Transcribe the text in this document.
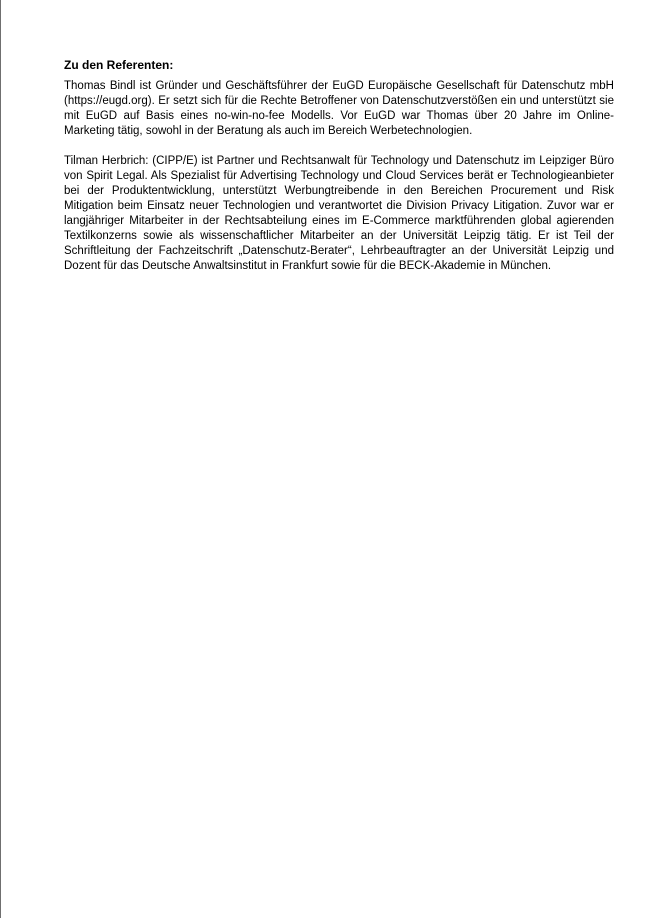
Zu den Referenten:

Thomas Bindl ist Gründer und Geschäftsführer der EuGD Europäische Gesellschaft für Datenschutz mbH (https://eugd.org). Er setzt sich für die Rechte Betroffener von Datenschutzverstößen ein und unterstützt sie mit EuGD auf Basis eines no-win-no-fee Modells. Vor EuGD war Thomas über 20 Jahre im Online-Marketing tätig, sowohl in der Beratung als auch im Bereich Werbetechnologien.

Tilman Herbrich: (CIPP/E) ist Partner und Rechtsanwalt für Technology und Datenschutz im Leipziger Büro von Spirit Legal. Als Spezialist für Advertising Technology und Cloud Services berät er Technologieanbieter bei der Produktentwicklung, unterstützt Werbungtreibende in den Bereichen Procurement und Risk Mitigation beim Einsatz neuer Technologien und verantwortet die Division Privacy Litigation. Zuvor war er langjähriger Mitarbeiter in der Rechtsabteilung eines im E-Commerce marktführenden global agierenden Textilkonzerns sowie als wissenschaftlicher Mitarbeiter an der Universität Leipzig tätig. Er ist Teil der Schriftleitung der Fachzeitschrift „Datenschutz-Berater“, Lehrbeauftragter an der Universität Leipzig und Dozent für das Deutsche Anwaltsinstitut in Frankfurt sowie für die BECK-Akademie in München.
